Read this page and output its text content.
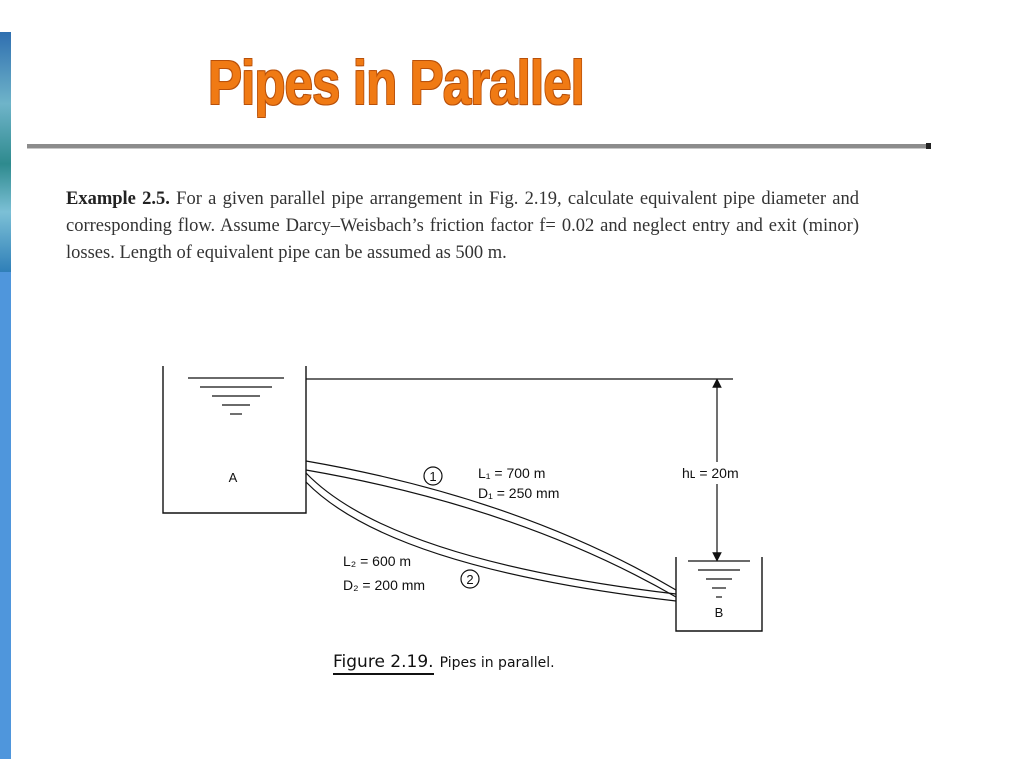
Pipes in Parallel

Example 2.5. For a given parallel pipe arrangement in Fig. 2.19, calculate equivalent pipe diameter and corresponding flow. Assume Darcy–Weisbach’s friction factor f= 0.02 and neglect entry and exit (minor) losses. Length of equivalent pipe can be assumed as 500 m.

A	1	L₁ = 700 m
D₁ = 250 mm
L₂ = 600 m
D₂ = 200 mm	2
hʟ = 20m
B

Figure 2.19. Pipes in parallel.
